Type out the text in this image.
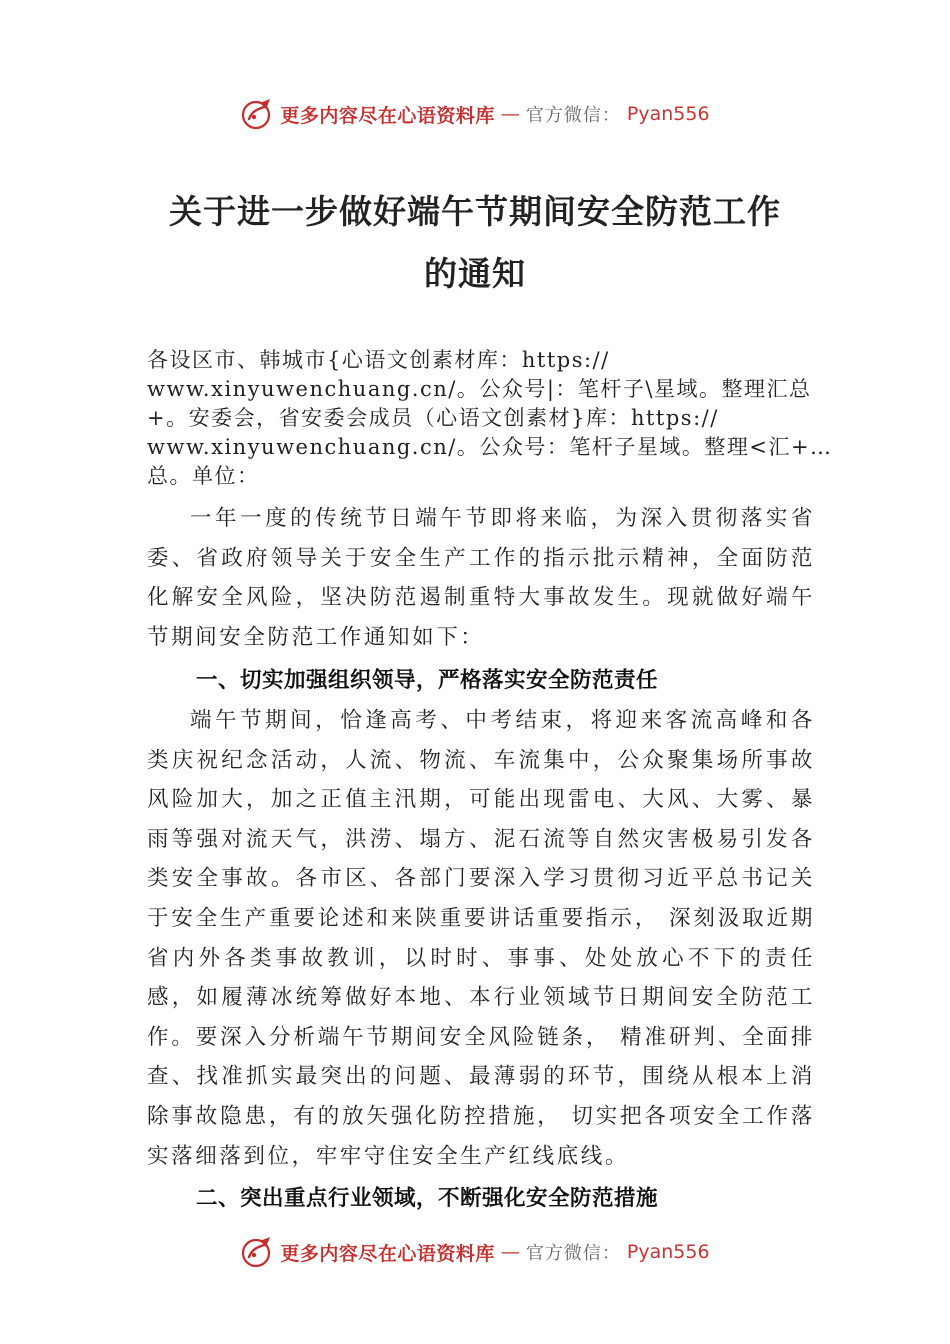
更多内容尽在心语资料库 — 官方微信： Pyan556
关于进一步做好端午节期间安全防范工作
的通知
各设区市、韩城市{心语文创素材库：https://
www.xinyuwenchuang.cn/。公众号|：笔杆子\星域。整理汇总
+。安委会，省安委会成员（心语文创素材}库：https://
www.xinyuwenchuang.cn/。公众号：笔杆子星域。整理<汇+…
总。单位：

一年一度的传统节日端午节即将来临，为深入贯彻落实省委、省政府领导关于安全生产工作的指示批示精神，全面防范化解安全风险，坚决防范遏制重特大事故发生。现就做好端午节期间安全防范工作通知如下：

一、切实加强组织领导，严格落实安全防范责任

端午节期间，恰逢高考、中考结束，将迎来客流高峰和各类庆祝纪念活动，人流、物流、车流集中，公众聚集场所事故风险加大，加之正值主汛期，可能出现雷电、大风、大雾、暴雨等强对流天气，洪涝、塌方、泥石流等自然灾害极易引发各类安全事故。各市区、各部门要深入学习贯彻习近平总书记关于安全生产重要论述和来陕重要讲话重要指示， 深刻汲取近期省内外各类事故教训，以时时、事事、处处放心不下的责任感，如履薄冰统筹做好本地、本行业领域节日期间安全防范工作。要深入分析端午节期间安全风险链条， 精准研判、全面排查、找准抓实最突出的问题、最薄弱的环节，围绕从根本上消除事故隐患，有的放矢强化防控措施， 切实把各项安全工作落实落细落到位，牢牢守住安全生产红线底线。

二、突出重点行业领域，不断强化安全防范措施
更多内容尽在心语资料库 — 官方微信： Pyan556
